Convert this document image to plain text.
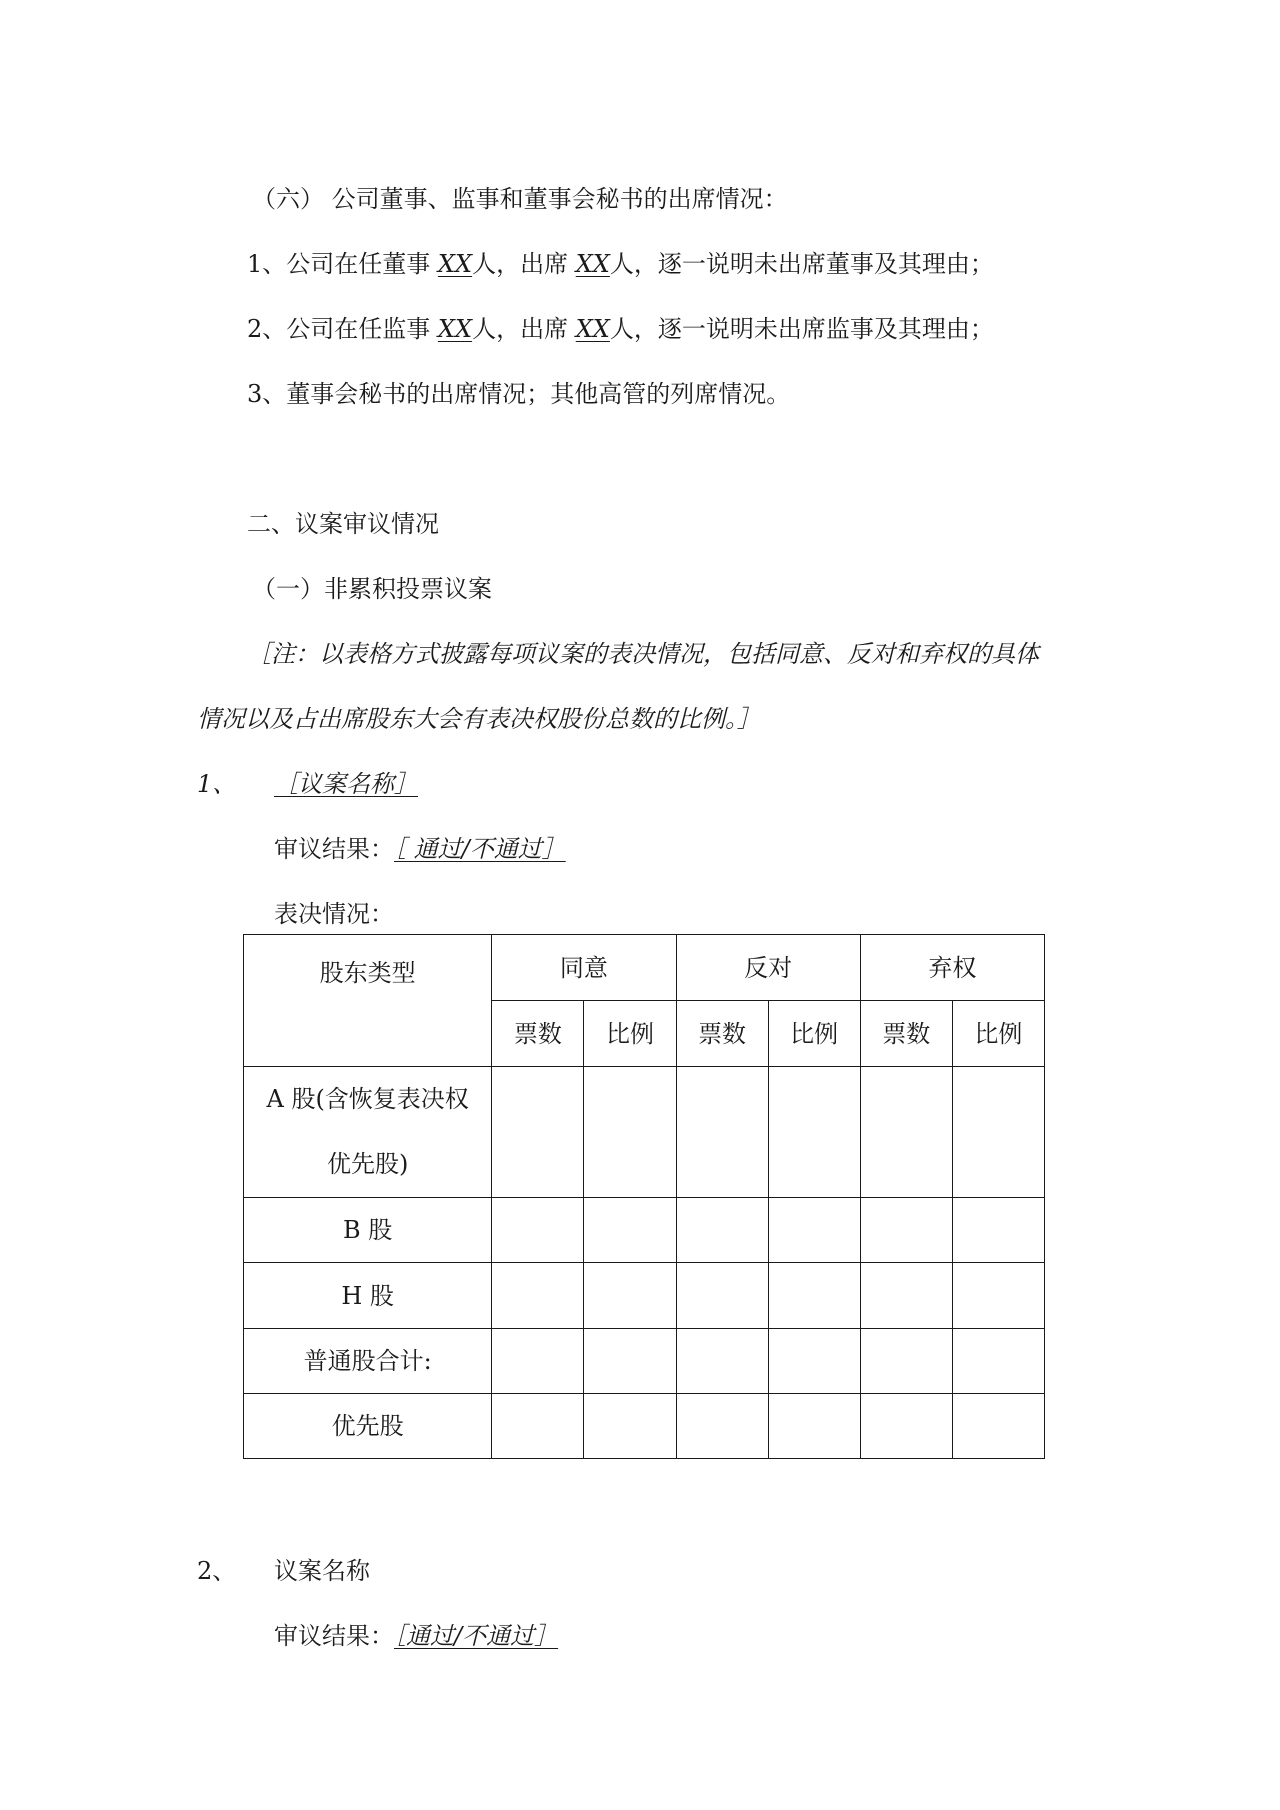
（六） 公司董事、监事和董事会秘书的出席情况：
1、公司在任董事 XX人，出席 XX人，逐一说明未出席董事及其理由；
2、公司在任监事 XX人，出席 XX人，逐一说明未出席监事及其理由；
3、董事会秘书的出席情况；其他高管的列席情况。
二、议案审议情况
（一）非累积投票议案
［注：以表格方式披露每项议案的表决情况，包括同意、反对和弃权的具体
情况以及占出席股东大会有表决权股份总数的比例。］
1、 ［议案名称］
审议结果：［ 通过/不通过］
表决情况：
股东类型	同意		反对		弃权	
	票数	比例	票数	比例	票数	比例

A 股(含恢复表决权
优先股)						

B 股						
H 股						
普通股合计:						
优先股						
2、 议案名称
审议结果：［通过/不通过］
